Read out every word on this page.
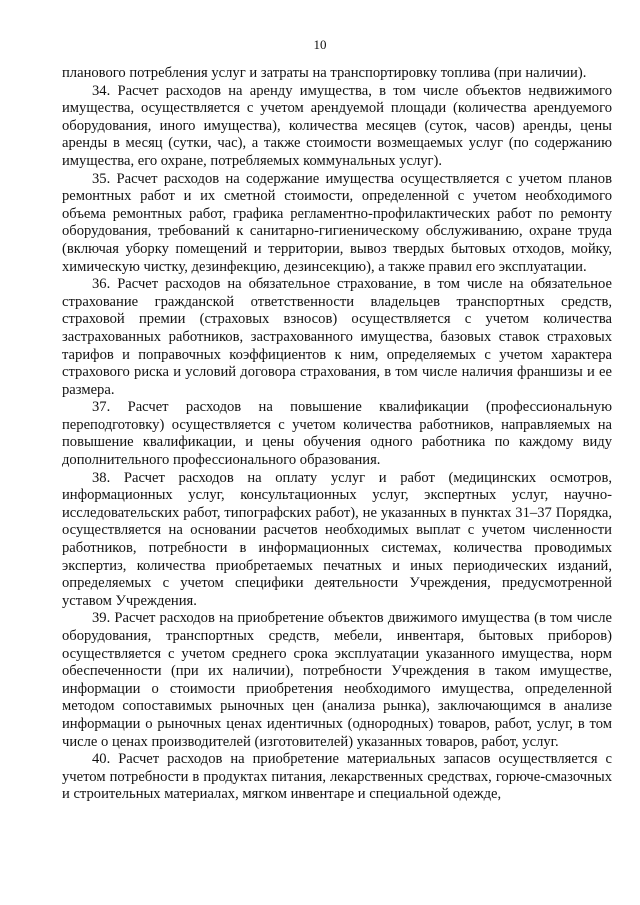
10

планового потребления услуг и затраты на транспортировку топлива (при наличии).

34. Расчет расходов на аренду имущества, в том числе объектов недвижимого имущества, осуществляется с учетом арендуемой площади (количества арендуемого оборудования, иного имущества), количества месяцев (суток, часов) аренды, цены аренды в месяц (сутки, час), а также стоимости возмещаемых услуг (по содержанию имущества, его охране, потребляемых коммунальных услуг).

35. Расчет расходов на содержание имущества осуществляется с учетом планов ремонтных работ и их сметной стоимости, определенной с учетом необходимого объема ремонтных работ, графика регламентно-профилактических работ по ремонту оборудования, требований к санитарно-гигиеническому обслуживанию, охране труда (включая уборку помещений и территории, вывоз твердых бытовых отходов, мойку, химическую чистку, дезинфекцию, дезинсекцию), а также правил его эксплуатации.

36. Расчет расходов на обязательное страхование, в том числе на обязательное страхование гражданской ответственности владельцев транспортных средств, страховой премии (страховых взносов) осуществляется с учетом количества застрахованных работников, застрахованного имущества, базовых ставок страховых тарифов и поправочных коэффициентов к ним, определяемых с учетом характера страхового риска и условий договора страхования, в том числе наличия франшизы и ее размера.

37. Расчет расходов на повышение квалификации (профессиональную переподготовку) осуществляется с учетом количества работников, направляемых на повышение квалификации, и цены обучения одного работника по каждому виду дополнительного профессионального образования.

38. Расчет расходов на оплату услуг и работ (медицинских осмотров, информационных услуг, консультационных услуг, экспертных услуг, научно-исследовательских работ, типографских работ), не указанных в пунктах 31–37 Порядка, осуществляется на основании расчетов необходимых выплат с учетом численности работников, потребности в информационных системах, количества проводимых экспертиз, количества приобретаемых печатных и иных периодических изданий, определяемых с учетом специфики деятельности Учреждения, предусмотренной уставом Учреждения.

39. Расчет расходов на приобретение объектов движимого имущества (в том числе оборудования, транспортных средств, мебели, инвентаря, бытовых приборов) осуществляется с учетом среднего срока эксплуатации указанного имущества, норм обеспеченности (при их наличии), потребности Учреждения в таком имуществе, информации о стоимости приобретения необходимого имущества, определенной методом сопоставимых рыночных цен (анализа рынка), заключающимся в анализе информации о рыночных ценах идентичных (однородных) товаров, работ, услуг, в том числе о ценах производителей (изготовителей) указанных товаров, работ, услуг.

40. Расчет расходов на приобретение материальных запасов осуществляется с учетом потребности в продуктах питания, лекарственных средствах, горюче-смазочных и строительных материалах, мягком инвентаре и специальной одежде,
